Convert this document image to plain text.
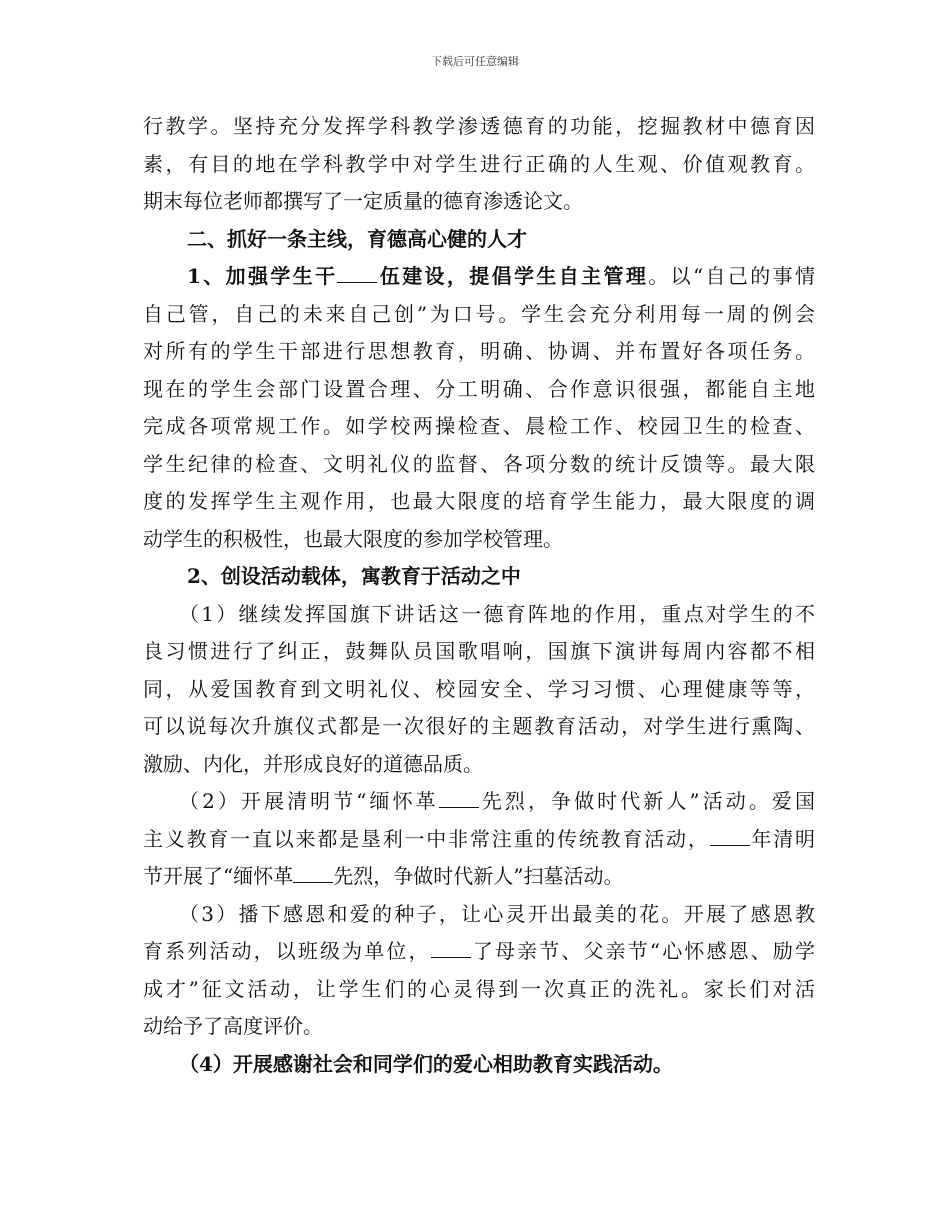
下载后可任意编辑
行教学。坚持充分发挥学科教学渗透德育的功能，挖掘教材中德育因
素，有目的地在学科教学中对学生进行正确的人生观、价值观教育。
期末每位老师都撰写了一定质量的德育渗透论文。
二、抓好一条主线，育德高心健的人才
1、加强学生干 伍建设，提倡学生自主管理。以“自己的事情
自己管，自己的未来自己创”为口号。学生会充分利用每一周的例会
对所有的学生干部进行思想教育，明确、协调、并布置好各项任务。
现在的学生会部门设置合理、分工明确、合作意识很强，都能自主地
完成各项常规工作。如学校两操检查、晨检工作、校园卫生的检查、
学生纪律的检查、文明礼仪的监督、各项分数的统计反馈等。最大限
度的发挥学生主观作用，也最大限度的培育学生能力，最大限度的调
动学生的积极性，也最大限度的参加学校管理。
2、创设活动载体，寓教育于活动之中
（1）继续发挥国旗下讲话这一德育阵地的作用，重点对学生的不
良习惯进行了纠正，鼓舞队员国歌唱响，国旗下演讲每周内容都不相
同，从爱国教育到文明礼仪、校园安全、学习习惯、心理健康等等，
可以说每次升旗仪式都是一次很好的主题教育活动，对学生进行熏陶、
激励、内化，并形成良好的道德品质。
（2）开展清明节“缅怀革 先烈，争做时代新人”活动。爱国
主义教育一直以来都是垦利一中非常注重的传统教育活动， 年清明
节开展了“缅怀革 先烈，争做时代新人”扫墓活动。
（3）播下感恩和爱的种子，让心灵开出最美的花。开展了感恩教
育系列活动，以班级为单位， 了母亲节、父亲节“心怀感恩、励学
成才”征文活动，让学生们的心灵得到一次真正的洗礼。家长们对活
动给予了高度评价。
（4）开展感谢社会和同学们的爱心相助教育实践活动。
